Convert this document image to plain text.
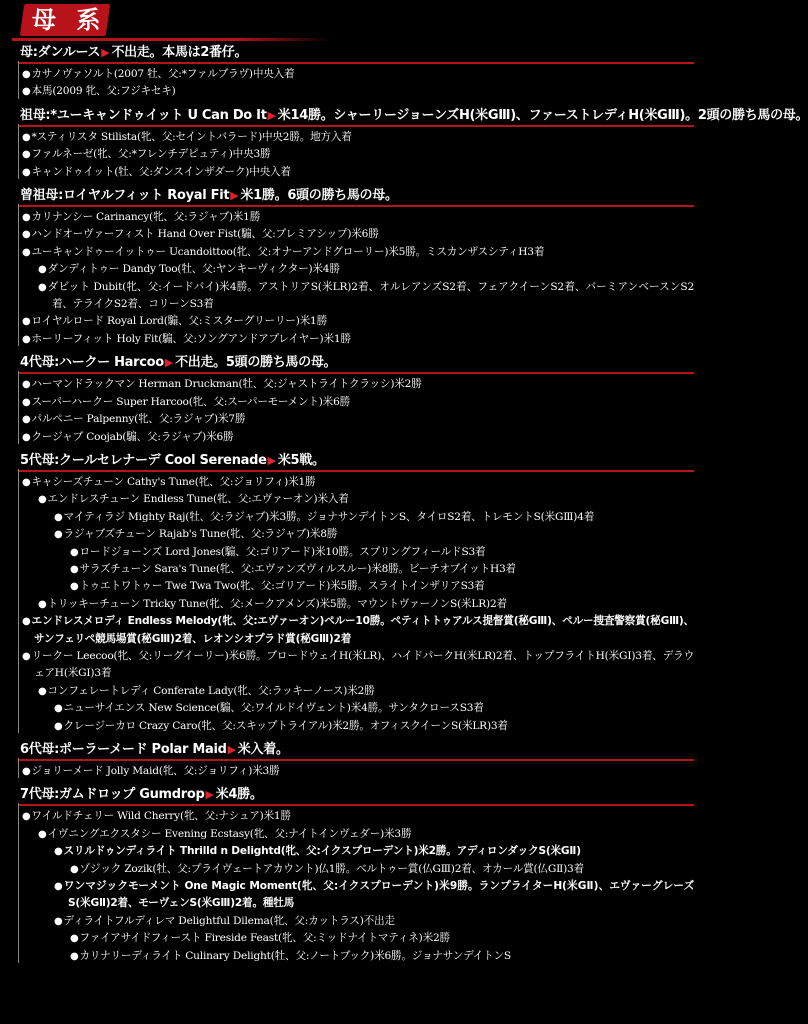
母 系
母:ダンルース▶ 不出走。本馬は2番仔。
●カサノヴァソルト(2007 牡、父:*ファルブラヴ)中央入着
●本馬(2009 牝、父:フジキセキ)
祖母:*ユーキャンドゥイット U Can Do It▶ 米14勝。シャーリージョーンズH(米GⅢ)、ファーストレディH(米GⅢ)。2頭の勝ち馬の母。
●*スティリスタ Stilista(牝、父:セイントバラード)中央2勝。地方入着
●ファルネーゼ(牝、父:*フレンチデピュティ)中央3勝
●キャンドゥイット(牡、父:ダンスインザダーク)中央入着
曾祖母:ロイヤルフィット Royal Fit▶ 米1勝。6頭の勝ち馬の母。
●カリナンシー Carinancy(牝、父:ラジャブ)米1勝
●ハンドオーヴァーフィスト Hand Over Fist(騸、父:プレミアシップ)米6勝
●ユーキャンドゥーイットゥー Ucandoittoo(牝、父:オナーアンドグローリー)米5勝。ミスカンザスシティH3着
●ダンディトゥー Dandy Too(牡、父:ヤンキーヴィクター)米4勝
●ダビット Dubit(牝、父:イードバイ)米4勝。アストリアS(米LR)2着、オルレアンズS2着、フェアクイーンS2着、バーミアンベースンS2着、テライクS2着、コリーンS3着
●ロイヤルロード Royal Lord(騸、父:ミスターグリーリー)米1勝
●ホーリーフィット Holy Fit(騸、父:ソングアンドアプレイヤー)米1勝
4代母:ハークー Harcoo▶ 不出走。5頭の勝ち馬の母。
●ハーマンドラックマン Herman Druckman(牡、父:ジャストライトクラッシ)米2勝
●スーパーハークー Super Harcoo(牝、父:スーパーモーメント)米6勝
●パルペニー Palpenny(牝、父:ラジャブ)米7勝
●クージャブ Coojab(騸、父:ラジャブ)米6勝
5代母:クールセレナーデ Cool Serenade▶ 米5戦。
●キャシーズチューン Cathy's Tune(牝、父:ジョリフィ)米1勝
●エンドレスチューン Endless Tune(牝、父:エヴァーオン)米入着
●マイティラジ Mighty Raj(牡、父:ラジャブ)米3勝。ジョナサンデイトンS、タイロS2着、トレモントS(米GⅢ)4着
●ラジャブズチューン Rajab's Tune(牝、父:ラジャブ)米8勝
●ロードジョーンズ Lord Jones(騸、父:ゴリアード)米10勝。スプリングフィールドS3着
●サラズチューン Sara's Tune(牝、父:エヴァンズヴィルスルー)米8勝。ビーチオブイットH3着
●トゥエトワトゥー Twe Twa Two(牝、父:ゴリアード)米5勝。スライトインザリアS3着
●トリッキーチューン Tricky Tune(牝、父:メークアメンズ)米5勝。マウントヴァーノンS(米LR)2着
●エンドレスメロディ Endless Melody(牝、父:エヴァーオン)ペルー10勝。ペティトトゥアルス提督賞(秘GⅢ)、ペルー捜査警察賞(秘GⅢ)、サンフェリペ競馬場賞(秘GⅢ)2着、レオンシオプラド賞(秘GⅢ)2着
●リークー Leecoo(牝、父:リーグイーリー)米6勝。ブロードウェイH(米LR)、ハイドパークH(米LR)2着、トップフライトH(米GⅠ)3着、デラウェアH(米GⅠ)3着
●コンフェレートレディ Conferate Lady(牝、父:ラッキーノース)米2勝
●ニューサイエンス New Science(騸、父:ワイルドイヴェント)米4勝。サンタクロースS3着
●クレージーカロ Crazy Caro(牝、父:スキップトライアル)米2勝。オフィスクイーンS(米LR)3着
6代母:ポーラーメード Polar Maid▶ 米入着。
●ジョリーメード Jolly Maid(牝、父:ジョリフィ)米3勝
7代母:ガムドロップ Gumdrop▶ 米4勝。
●ワイルドチェリー Wild Cherry(牝、父:ナシュア)米1勝
●イヴニングエクスタシー Evening Ecstasy(牝、父:ナイトインヴェダー)米3勝
●スリルドゥンディライト Thrilld n Delightd(牝、父:イクスプローデント)米2勝。アディロンダックS(米GⅡ)
●ゾジック Zozik(牡、父:プライヴェートアカウント)仏1勝。ベルトゥー賞(仏GⅢ)2着、オカール賞(仏GⅡ)3着
●ワンマジックモーメント One Magic Moment(牝、父:イクスプローデント)米9勝。ランプライターH(米GⅡ)、エヴァーグレーズS(米GⅡ)2着、モーヴェンS(米GⅢ)2着。種牡馬
●ディライトフルディレマ Delightful Dilema(牝、父:カットラス)不出走
●ファイアサイドフィースト Fireside Feast(牝、父:ミッドナイトマティネ)米2勝
●カリナリーディライト Culinary Delight(牡、父:ノートブック)米6勝。ジョナサンデイトンS
